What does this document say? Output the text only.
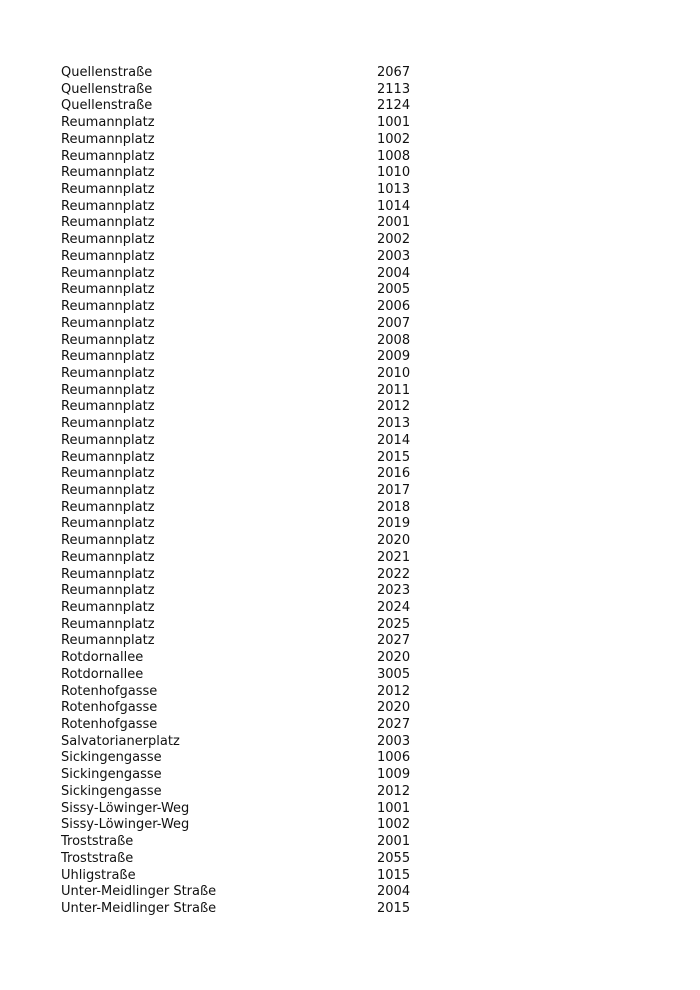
Quellenstraße	2067
Quellenstraße	2113
Quellenstraße	2124
Reumannplatz	1001
Reumannplatz	1002
Reumannplatz	1008
Reumannplatz	1010
Reumannplatz	1013
Reumannplatz	1014
Reumannplatz	2001
Reumannplatz	2002
Reumannplatz	2003
Reumannplatz	2004
Reumannplatz	2005
Reumannplatz	2006
Reumannplatz	2007
Reumannplatz	2008
Reumannplatz	2009
Reumannplatz	2010
Reumannplatz	2011
Reumannplatz	2012
Reumannplatz	2013
Reumannplatz	2014
Reumannplatz	2015
Reumannplatz	2016
Reumannplatz	2017
Reumannplatz	2018
Reumannplatz	2019
Reumannplatz	2020
Reumannplatz	2021
Reumannplatz	2022
Reumannplatz	2023
Reumannplatz	2024
Reumannplatz	2025
Reumannplatz	2027
Rotdornallee	2020
Rotdornallee	3005
Rotenhofgasse	2012
Rotenhofgasse	2020
Rotenhofgasse	2027
Salvatorianerplatz	2003
Sickingengasse	1006
Sickingengasse	1009
Sickingengasse	2012
Sissy-Löwinger-Weg	1001
Sissy-Löwinger-Weg	1002
Troststraße	2001
Troststraße	2055
Uhligstraße	1015
Unter-Meidlinger Straße	2004
Unter-Meidlinger Straße	2015
